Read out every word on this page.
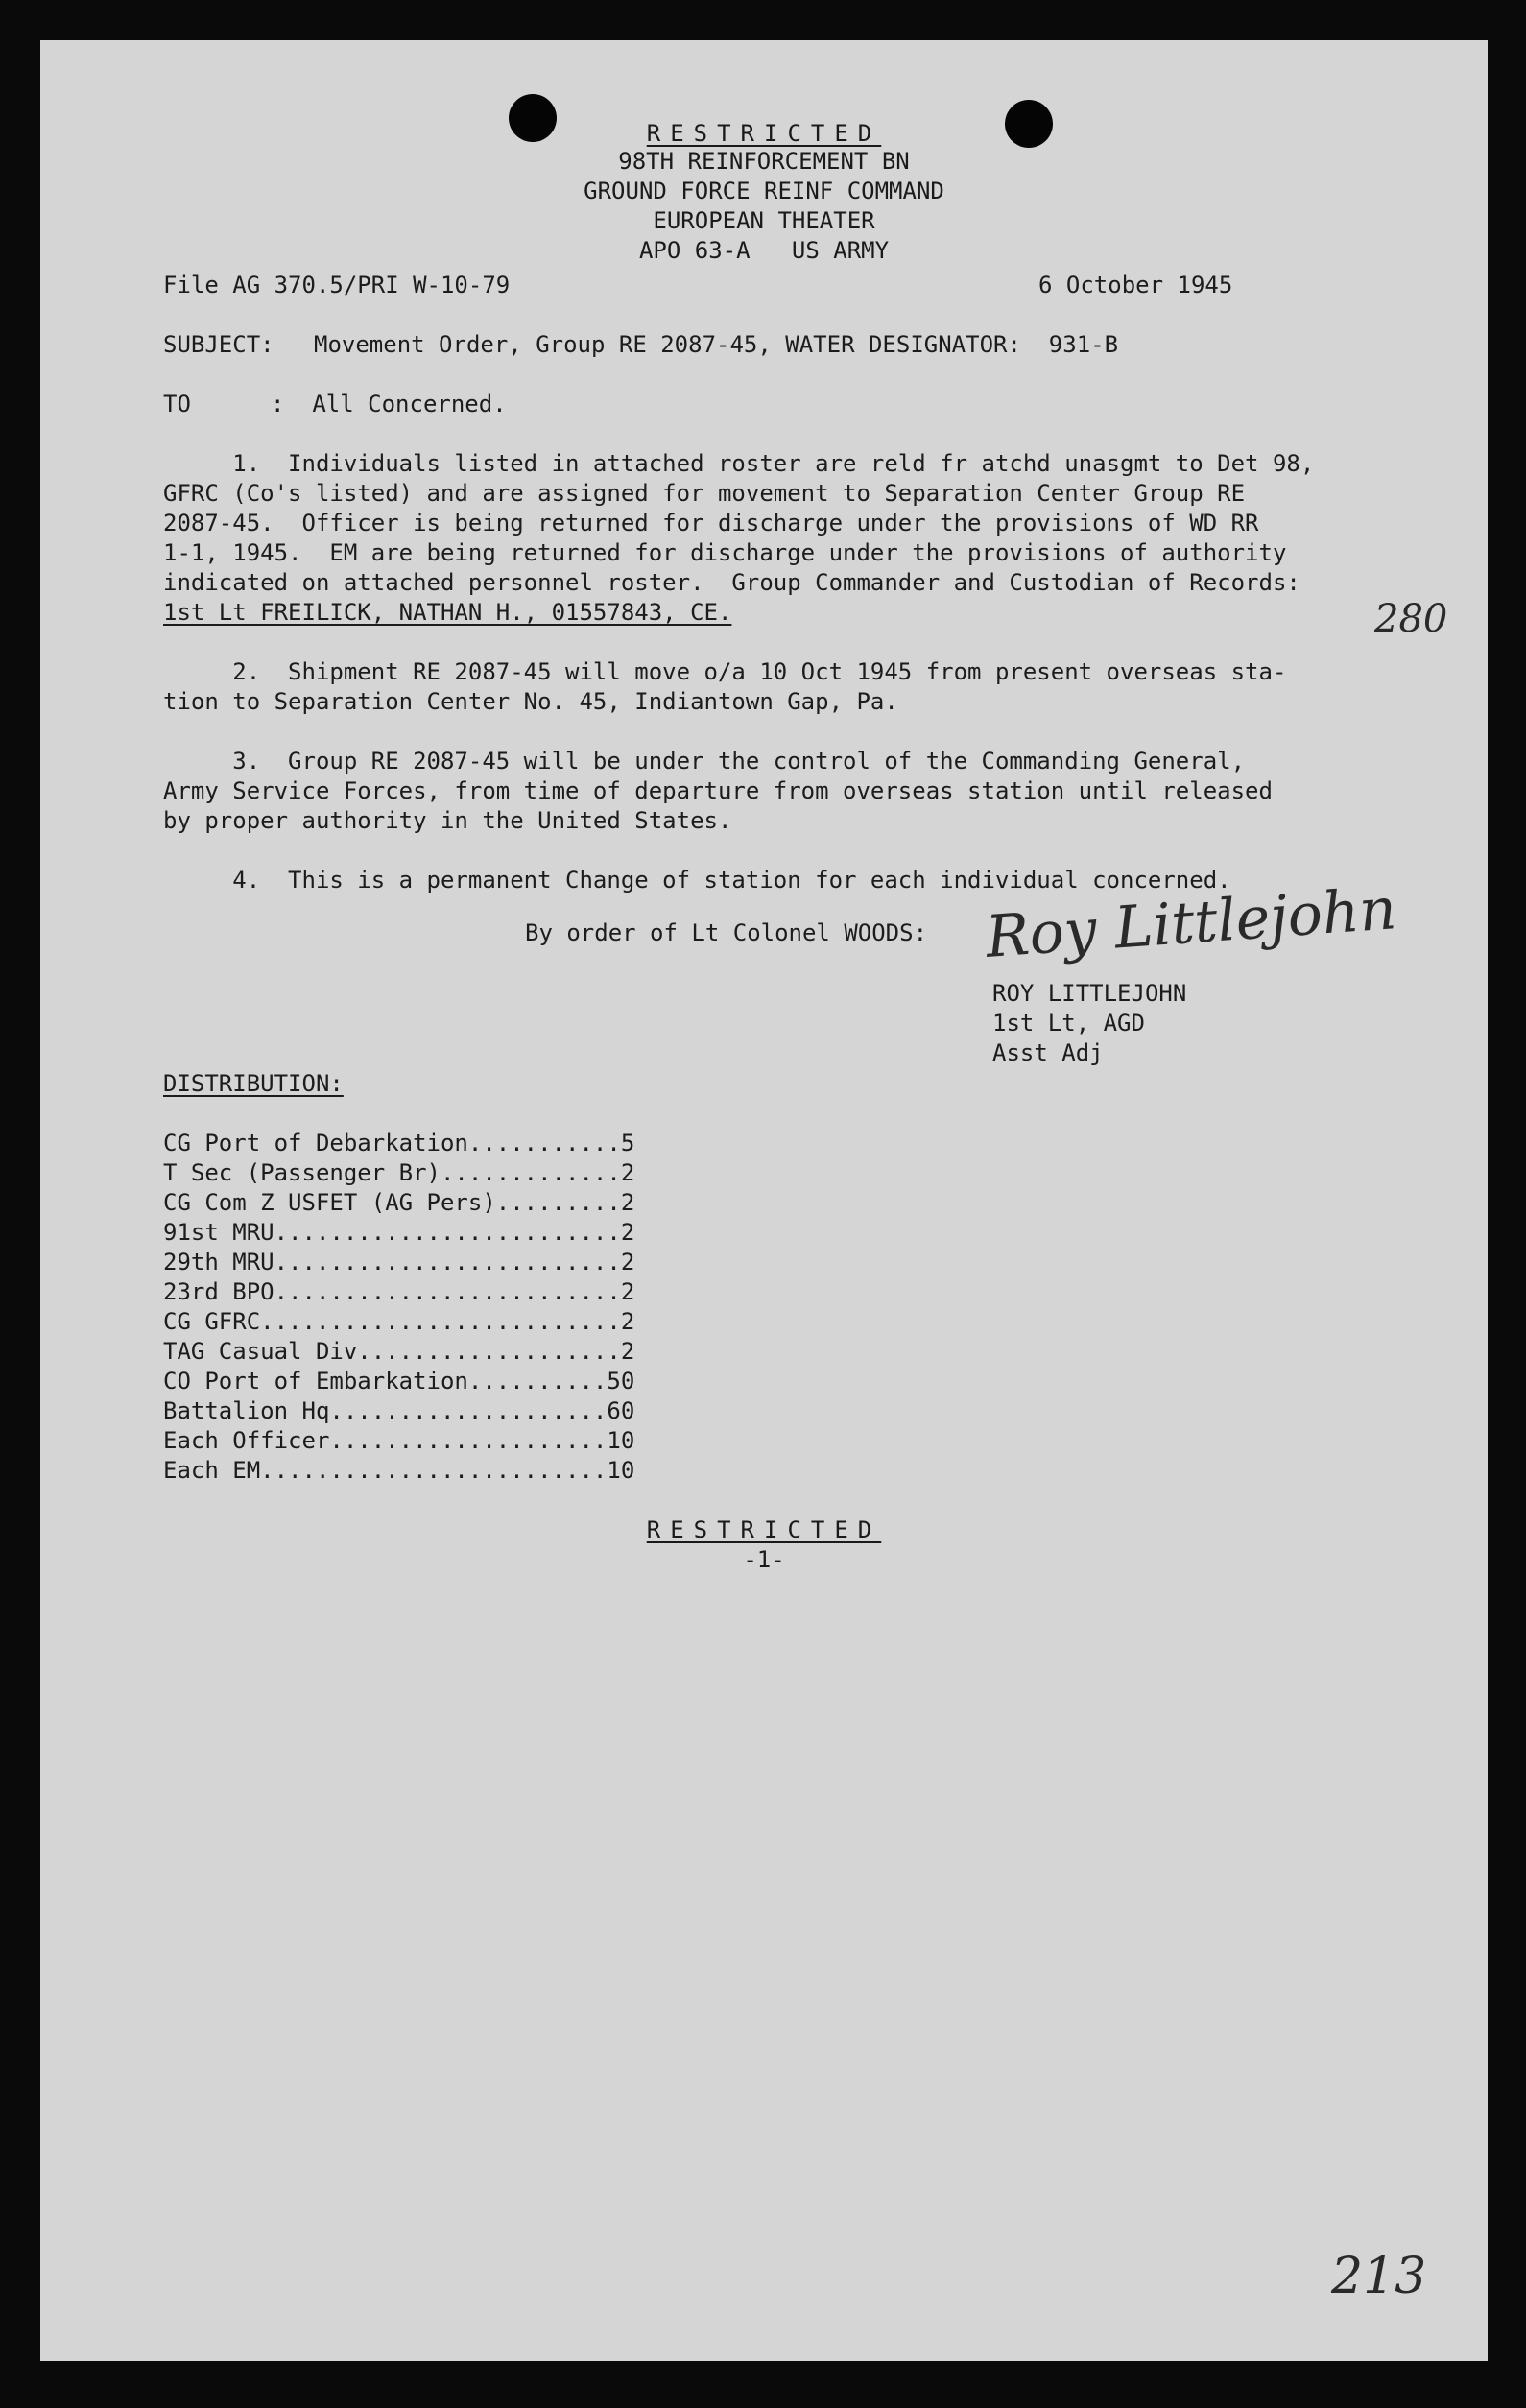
RESTRICTED
98TH REINFORCEMENT BN
GROUND FORCE REINF COMMAND
EUROPEAN THEATER
APO 63-A   US ARMY
File AG 370.5/PRI W-10-79	6 October 1945
SUBJECT: Movement Order, Group RE 2087-45, WATER DESIGNATOR:  931-B
TO	:  All Concerned.
1.  Individuals listed in attached roster are reld fr atchd unasgmt to Det 98,
GFRC (Co's listed) and are assigned for movement to Separation Center Group RE
2087-45.  Officer is being returned for discharge under the provisions of WD RR
1-1, 1945.  EM are being returned for discharge under the provisions of authority
indicated on attached personnel roster.  Group Commander and Custodian of Records:
1st Lt FREILICK, NATHAN H., 01557843, CE.	280
2.  Shipment RE 2087-45 will move o/a 10 Oct 1945 from present overseas sta-
tion to Separation Center No. 45, Indiantown Gap, Pa.
3.  Group RE 2087-45 will be under the control of the Commanding General,
Army Service Forces, from time of departure from overseas station until released
by proper authority in the United States.
4.  This is a permanent Change of station for each individual concerned.
By order of Lt Colonel WOODS: Roy Littlejohn
ROY LITTLEJOHN
1st Lt, AGD
Asst Adj
DISTRIBUTION:
CG Port of Debarkation...........5
T Sec (Passenger Br).............2
CG Com Z USFET (AG Pers).........2
91st MRU.........................2
29th MRU.........................2
23rd BPO.........................2
CG GFRC..........................2
TAG Casual Div...................2
CO Port of Embarkation..........50
Battalion Hq....................60
Each Officer....................10
Each EM.........................10
RESTRICTED
-1-
213
